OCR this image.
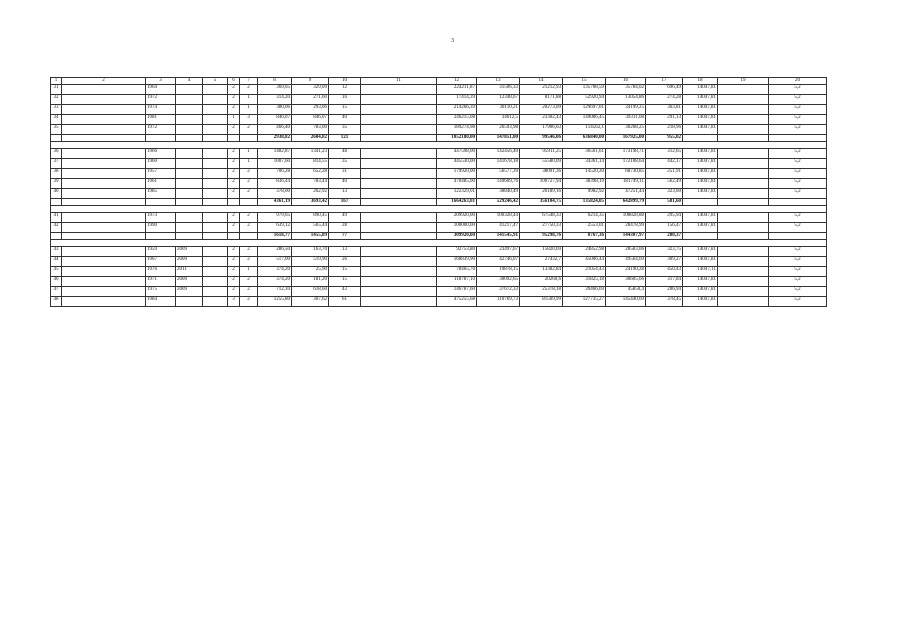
3
1	2	3	4	5	6	7	8	9	10	11	12	13	14	15	16	17	18	19	20
31		1964			2	2	369,65	329,09	12		224211,87	31506,33	21212,93	135708,59	35784,02	696,49	14047,81		5,2
32		1972			2	1	314,20	271,60	16		17414,39	12348,67	8171,88	52920,94	13054,86	274,28	14047,81		5,2
33		1974			2	1	380,06	293,06	15		214266,39	30110,21	20273,09	129697,01	34199,25	363,81	14047,81		5,2
34		1981			1	3	846,07	846,07	40		246215,08	34612,5	23302,43	149086,45	39311,68	291,13	14047,81		5,2
35		1972			2	2	466,40	783,00	35		189274,98	26593,98	17906,63	114562,1	30208,25	218,96	14047,81		5,2
							2938,82	2604,82	121		1052180,00	147851,00	99546,06	636840,00	167925,00	955,02			

36		1966			2	1	1482,87	1341,23	48		447598,00	142456,40	95911,25	36561,61	173198,71	312,65	14047,81		5,2
37		1960			2	1	1007,60	814,55	35		445530,00	141678,18	55580,09	34361,14	172108,64	442,17	14047,81		5,2
38		1957			2	2	706,28	652,28	31		179920,00	56577,39	38091,36	14520,20	68730,85	251,91	14047,81		5,2
39		1961			2	2	836,44	783,44	40		470485,00	149609,76	100727,94	38398,19	181749,11	562,49	14047,81		5,2
40		1985			2	2	378,00	262,92	13		122329,01	38840,49	26189,16	9982,92	47251,44	323,60	14047,81		5,2
							4361,19	3693,42	167		1664263,01	529246,42	356104,75	135824,05	642899,79	581,60			

41		1973			2	2	979,65	890,45	49		209920,00	100328,44	67548,33	6214,35	108828,88	295,94	14047,81		5,2
42		1990			2	2	639,12	565,44	28		100000,00	41217,47	27750,33	2553,01	28478,99	156,47	14047,81		5,2
							1618,77	1455,89	77		309920,00	141545,91	95298,76	8767,36	144307,97	200,37			

43		1959	2009		2	2	286,50	163,70	13		92753,80	23497,67	15820,69	24852,98	28583,06	323,75	14047,81		5,2
44		1967	2009		2	2	517,00	519,90	26		168839,90	42746,07	27432,7	45006,44	49564,69	309,27	14047,81		5,2
45		1976	2011		2	1	374,20	25,90	15		78465,70	19878,15	13382,84	21054,43	24190,28	450,43	14047,11		5,2
46		1971	2009		2	2	374,20	181,20	15		118787,10	30092,65	20260,6	31825,18	36605,66	317,84	14047,81		5,2
47		1975	2009		2	2	712,10	618,60	43		146787,60	37672,33	25378,18	39466,69	45850,4	206,94	14047,81		5,2
48		1984			3	2	1255,80	307,62	61		475255,68	110769,73	81509,99	127735,27	145440,69	378,45	14047,81		5,2
